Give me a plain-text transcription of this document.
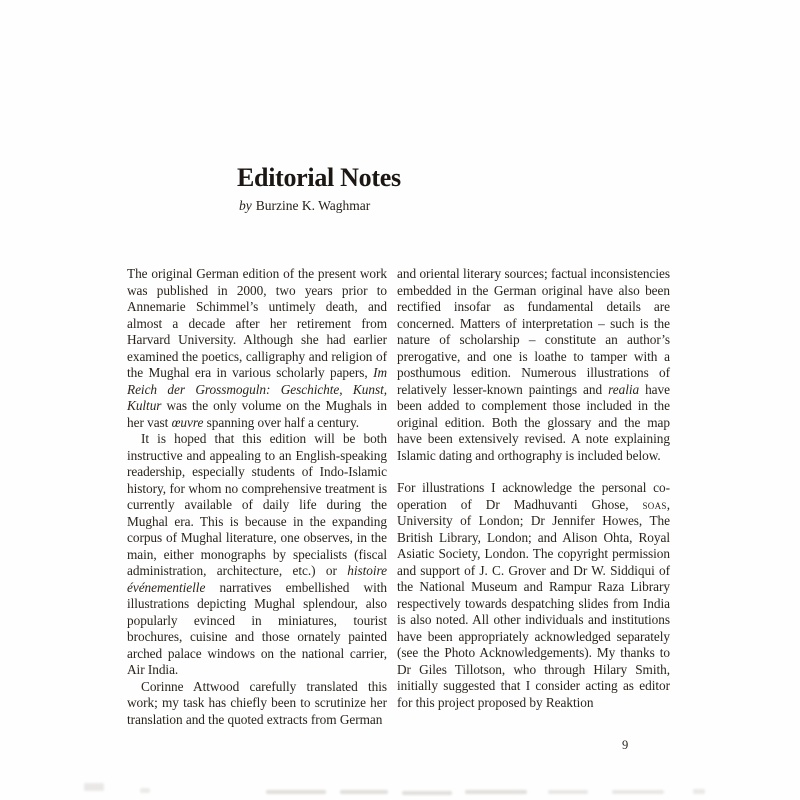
Editorial Notes
by Burzine K. Waghmar

The original German edition of the present work was published in 2000, two years prior to Annemarie Schimmel’s untimely death, and almost a decade after her retirement from Harvard University. Although she had earlier examined the poetics, calligraphy and religion of the Mughal era in various scholarly papers, Im Reich der Grossmoguln: Geschichte, Kunst, Kultur was the only volume on the Mughals in her vast œuvre spanning over half a century.

It is hoped that this edition will be both instructive and appealing to an English-speaking readership, especially students of Indo-Islamic history, for whom no comprehensive treatment is currently available of daily life during the Mughal era. This is because in the expanding corpus of Mughal literature, one observes, in the main, either monographs by specialists (fiscal administration, architecture, etc.) or histoire événementielle narratives embellished with illustrations depicting Mughal splendour, also popularly evinced in miniatures, tourist brochures, cuisine and those ornately painted arched palace windows on the national carrier, Air India.

Corinne Attwood carefully translated this work; my task has chiefly been to scrutinize her translation and the quoted extracts from German

and oriental literary sources; factual inconsistencies embedded in the German original have also been rectified insofar as fundamental details are concerned. Matters of interpretation – such is the nature of scholarship – constitute an author’s prerogative, and one is loathe to tamper with a posthumous edition. Numerous illustrations of relatively lesser-known paintings and realia have been added to complement those included in the original edition. Both the glossary and the map have been extensively revised. A note explaining Islamic dating and orthography is included below.

For illustrations I acknowledge the personal co-operation of Dr Madhuvanti Ghose, soas, University of London; Dr Jennifer Howes, The British Library, London; and Alison Ohta, Royal Asiatic Society, London. The copyright permission and support of J. C. Grover and Dr W. Siddiqui of the National Museum and Rampur Raza Library respectively towards despatching slides from India is also noted. All other individuals and institutions have been appropriately acknowledged separately (see the Photo Acknowledgements). My thanks to Dr Giles Tillotson, who through Hilary Smith, initially suggested that I consider acting as editor for this project proposed by Reaktion

9
